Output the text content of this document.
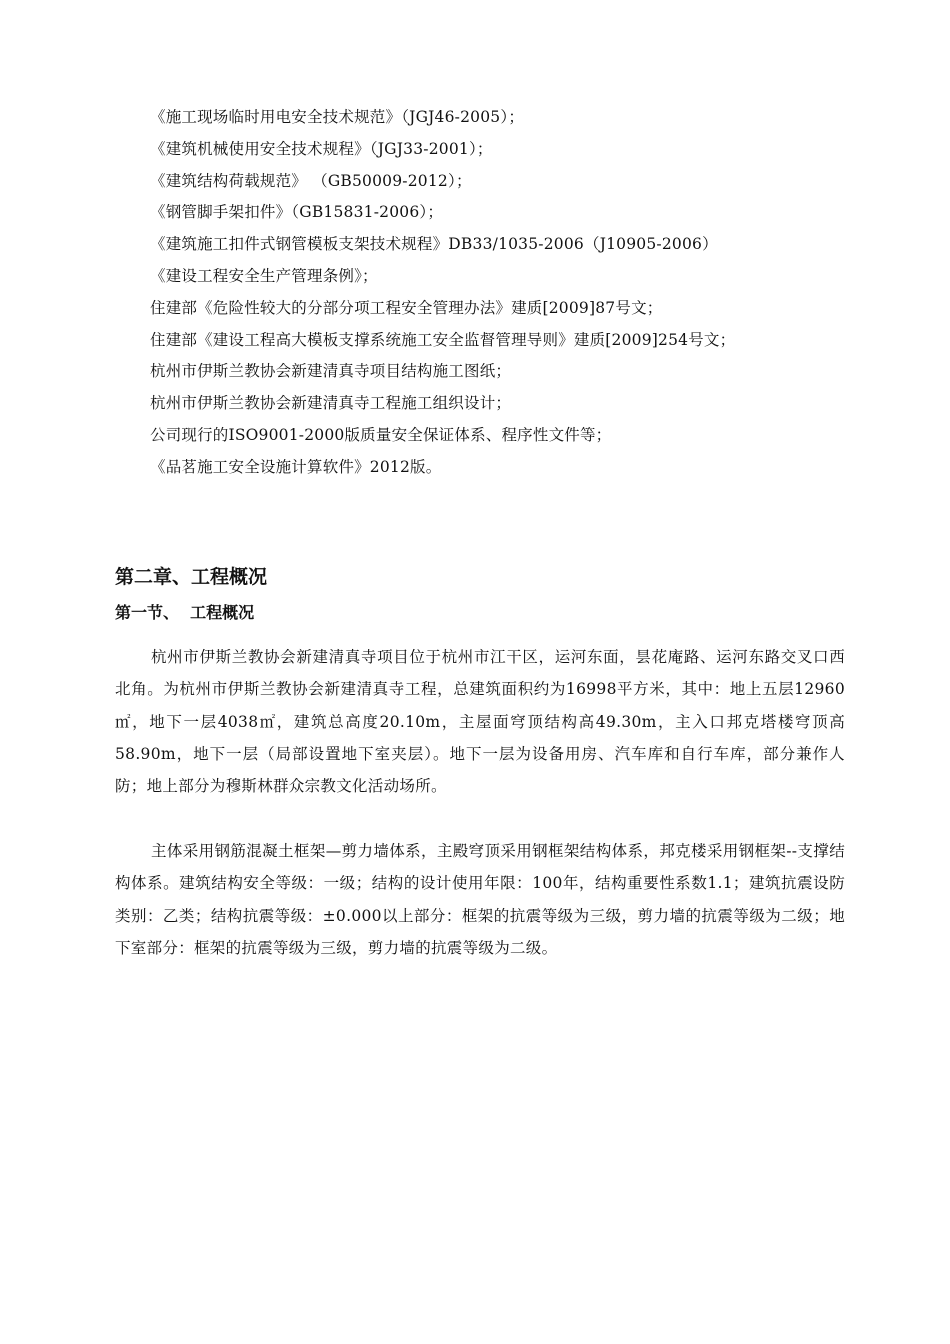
《施工现场临时用电安全技术规范》（JGJ46-2005）；
《建筑机械使用安全技术规程》（JGJ33-2001）；
《建筑结构荷载规范》 （GB50009-2012）；
《钢管脚手架扣件》（GB15831-2006）；
《建筑施工扣件式钢管模板支架技术规程》DB33/1035-2006（J10905-2006）
《建设工程安全生产管理条例》；
住建部《危险性较大的分部分项工程安全管理办法》建质[2009]87号文；
住建部《建设工程高大模板支撑系统施工安全监督管理导则》建质[2009]254号文；
杭州市伊斯兰教协会新建清真寺项目结构施工图纸；
杭州市伊斯兰教协会新建清真寺工程施工组织设计；
公司现行的ISO9001-2000版质量安全保证体系、程序性文件等；
《品茗施工安全设施计算软件》2012版。
第二章、工程概况
第一节、  工程概况

杭州市伊斯兰教协会新建清真寺项目位于杭州市江干区，运河东面，昙花庵路、运河东路交叉口西北角。为杭州市伊斯兰教协会新建清真寺工程，总建筑面积约为16998平方米，其中：地上五层12960㎡，地下一层4038㎡，建筑总高度20.10m，主屋面穹顶结构高49.30m，主入口邦克塔楼穹顶高58.90m，地下一层（局部设置地下室夹层）。地下一层为设备用房、汽车库和自行车库，部分兼作人防；地上部分为穆斯林群众宗教文化活动场所。

主体采用钢筋混凝土框架—剪力墙体系，主殿穹顶采用钢框架结构体系，邦克楼采用钢框架--支撑结构体系。建筑结构安全等级：一级；结构的设计使用年限：100年，结构重要性系数1.1；建筑抗震设防类别：乙类；结构抗震等级：±0.000以上部分：框架的抗震等级为三级，剪力墙的抗震等级为二级；地下室部分：框架的抗震等级为三级，剪力墙的抗震等级为二级。
